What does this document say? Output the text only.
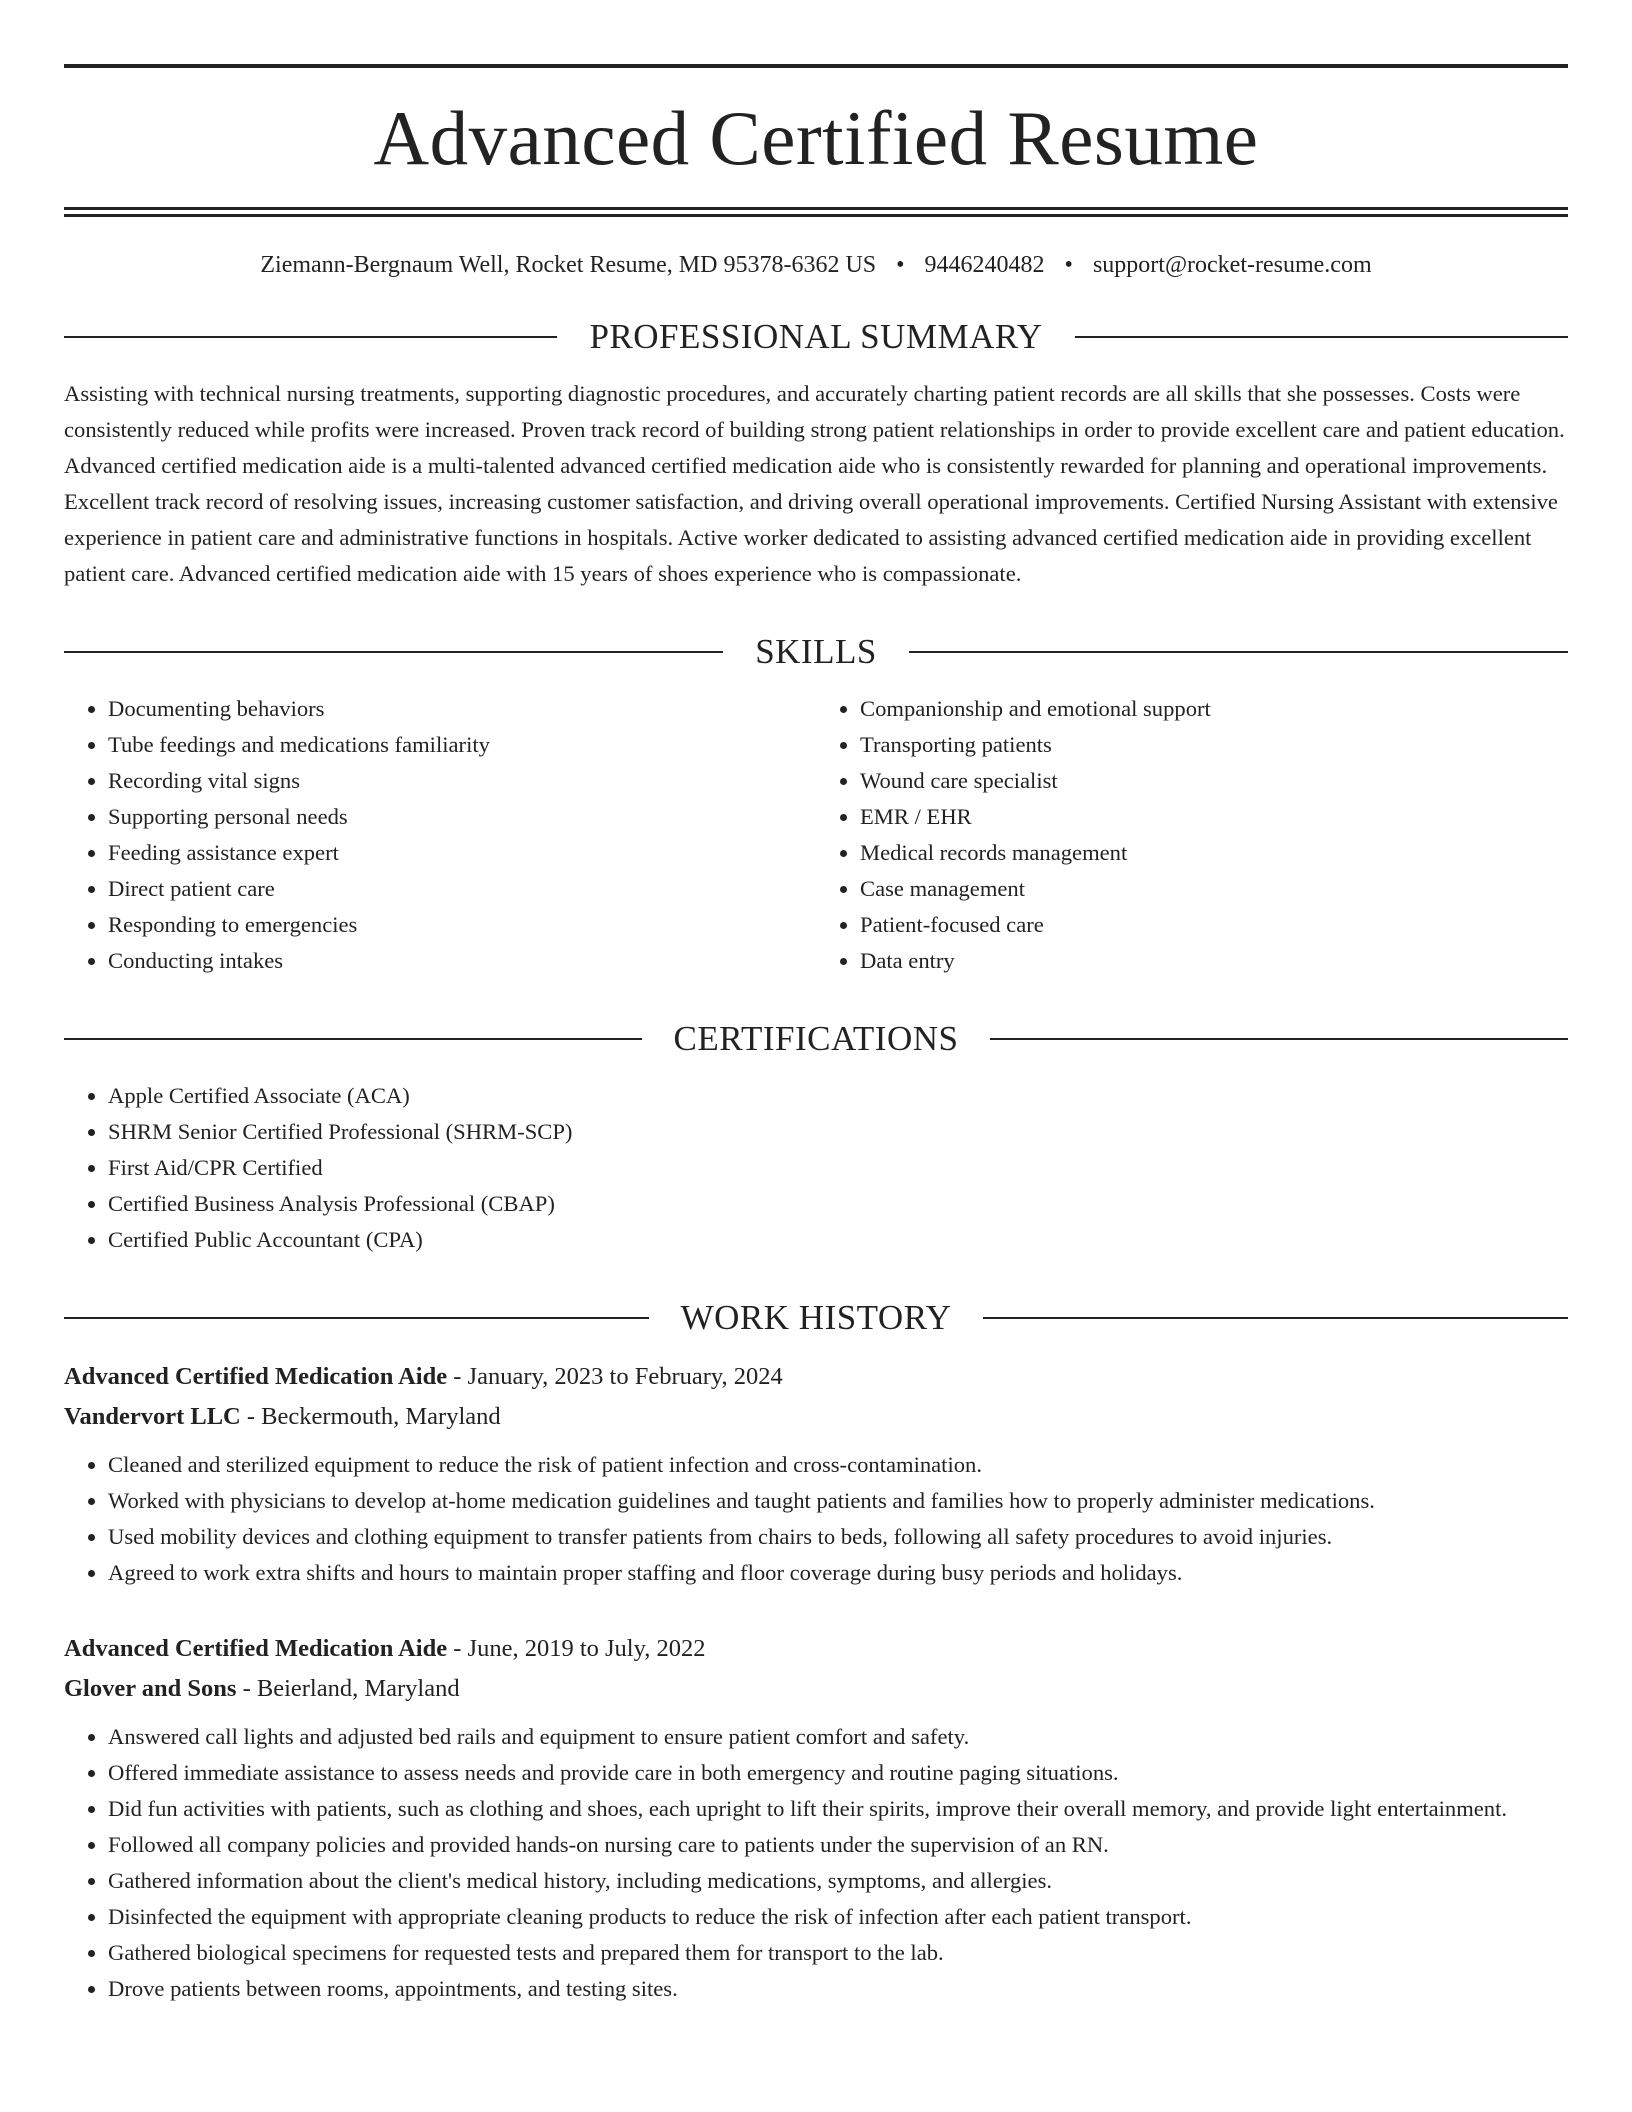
Advanced Certified Resume
Ziemann-Bergnaum Well, Rocket Resume, MD 95378-6362 US • 9446240482 • support@rocket-resume.com
PROFESSIONAL SUMMARY

Assisting with technical nursing treatments, supporting diagnostic procedures, and accurately charting patient records are all skills that she possesses. Costs were consistently reduced while profits were increased. Proven track record of building strong patient relationships in order to provide excellent care and patient education. Advanced certified medication aide is a multi-talented advanced certified medication aide who is consistently rewarded for planning and operational improvements. Excellent track record of resolving issues, increasing customer satisfaction, and driving overall operational improvements. Certified Nursing Assistant with extensive experience in patient care and administrative functions in hospitals. Active worker dedicated to assisting advanced certified medication aide in providing excellent patient care. Advanced certified medication aide with 15 years of shoes experience who is compassionate.

SKILLS
• Documenting behaviors
• Tube feedings and medications familiarity
• Recording vital signs
• Supporting personal needs
• Feeding assistance expert
• Direct patient care
• Responding to emergencies
• Conducting intakes
• Companionship and emotional support
• Transporting patients
• Wound care specialist
• EMR / EHR
• Medical records management
• Case management
• Patient-focused care
• Data entry
CERTIFICATIONS
• Apple Certified Associate (ACA)
• SHRM Senior Certified Professional (SHRM-SCP)
• First Aid/CPR Certified
• Certified Business Analysis Professional (CBAP)
• Certified Public Accountant (CPA)
WORK HISTORY

Advanced Certified Medication Aide - January, 2023 to February, 2024

Vandervort LLC - Beckermouth, Maryland

• Cleaned and sterilized equipment to reduce the risk of patient infection and cross-contamination.
• Worked with physicians to develop at-home medication guidelines and taught patients and families how to properly administer medications.
• Used mobility devices and clothing equipment to transfer patients from chairs to beds, following all safety procedures to avoid injuries.
• Agreed to work extra shifts and hours to maintain proper staffing and floor coverage during busy periods and holidays.

Advanced Certified Medication Aide - June, 2019 to July, 2022

Glover and Sons - Beierland, Maryland

• Answered call lights and adjusted bed rails and equipment to ensure patient comfort and safety.
• Offered immediate assistance to assess needs and provide care in both emergency and routine paging situations.
• Did fun activities with patients, such as clothing and shoes, each upright to lift their spirits, improve their overall memory, and provide light entertainment.
• Followed all company policies and provided hands-on nursing care to patients under the supervision of an RN.
• Gathered information about the client's medical history, including medications, symptoms, and allergies.
• Disinfected the equipment with appropriate cleaning products to reduce the risk of infection after each patient transport.
• Gathered biological specimens for requested tests and prepared them for transport to the lab.
• Drove patients between rooms, appointments, and testing sites.
